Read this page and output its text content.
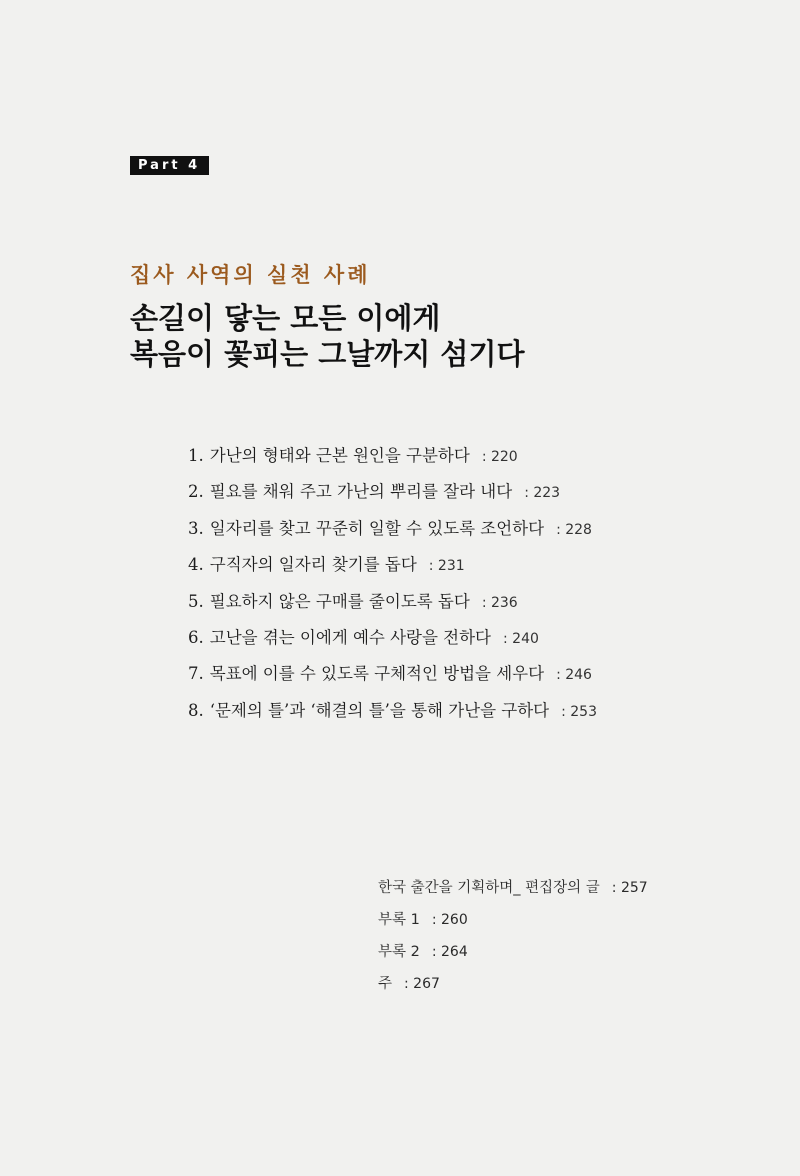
Part 4
집사 사역의 실천 사례
손길이 닿는 모든 이에게
복음이 꽃피는 그날까지 섬기다
1. 가난의 형태와 근본 원인을 구분하다 : 220
2. 필요를 채워 주고 가난의 뿌리를 잘라 내다 : 223
3. 일자리를 찾고 꾸준히 일할 수 있도록 조언하다 : 228
4. 구직자의 일자리 찾기를 돕다 : 231
5. 필요하지 않은 구매를 줄이도록 돕다 : 236
6. 고난을 겪는 이에게 예수 사랑을 전하다 : 240
7. 목표에 이를 수 있도록 구체적인 방법을 세우다 : 246
8. ‘문제의 틀’과 ‘해결의 틀’을 통해 가난을 구하다 : 253
한국 출간을 기획하며_ 편집장의 글 : 257
부록 1 : 260
부록 2 : 264
주 : 267
